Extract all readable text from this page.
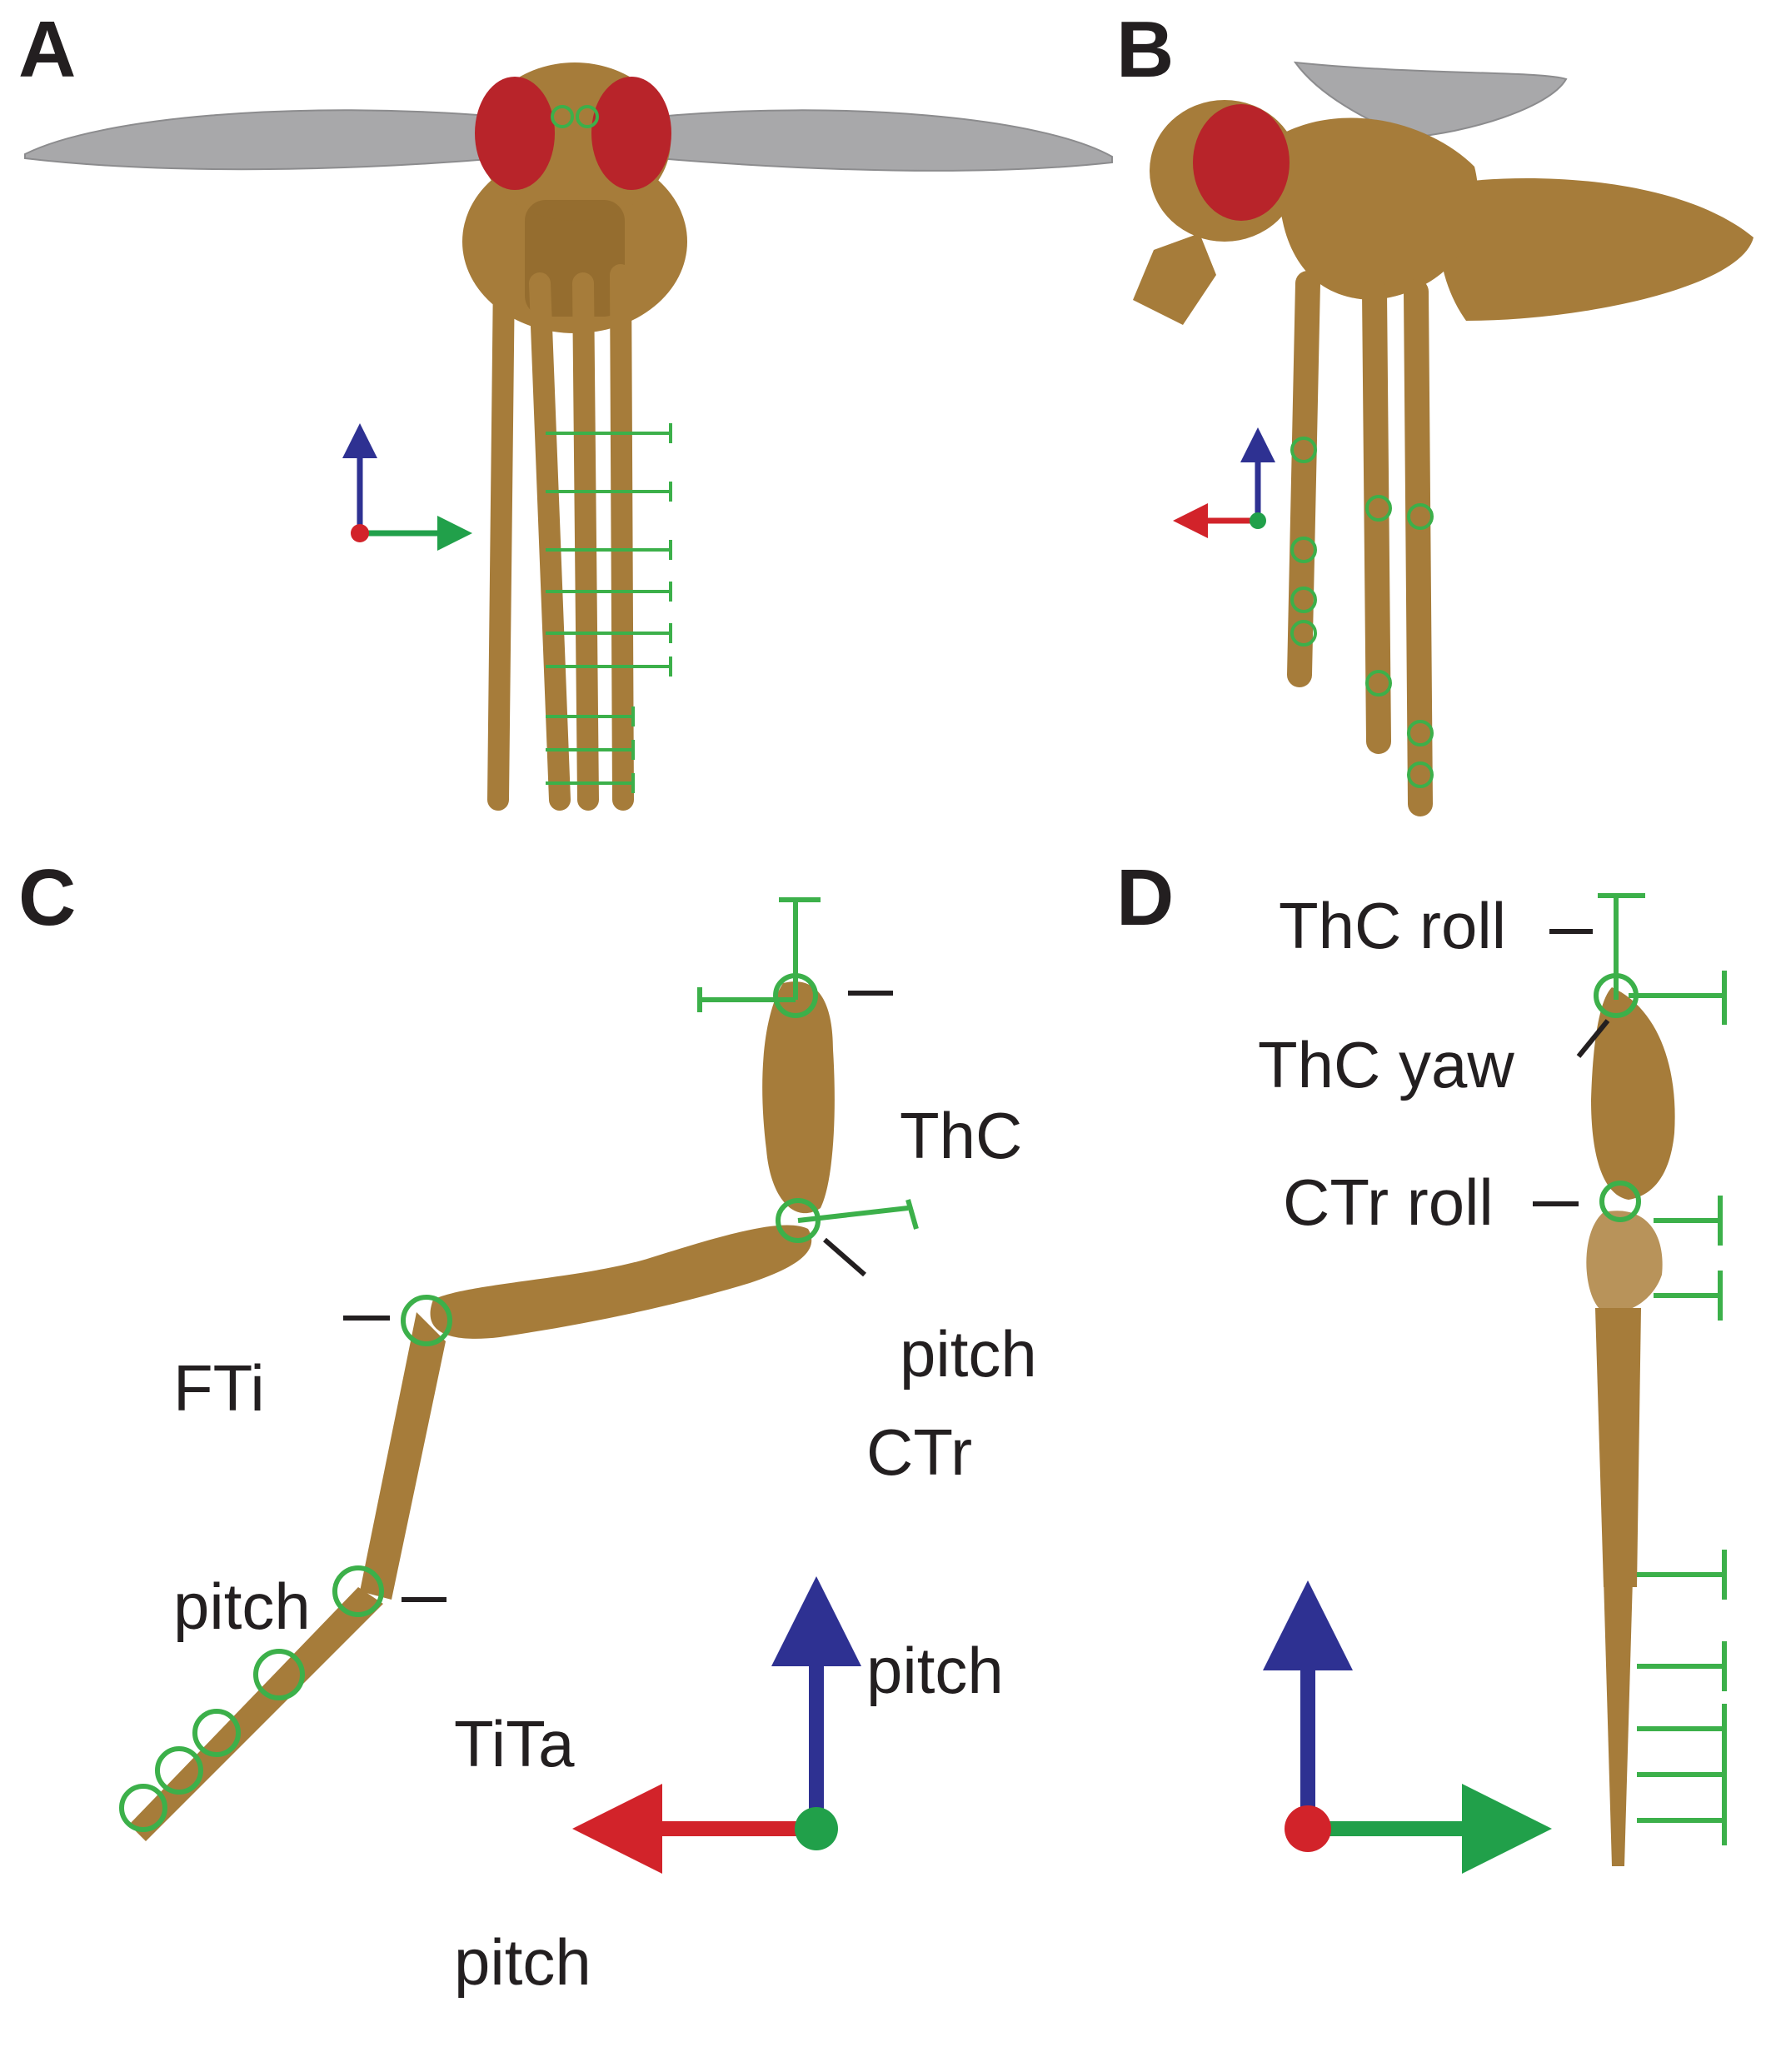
A	B
C	D

ThC

pitch

CTr

pitch

FTi

pitch

TiTa

pitch

ThC roll
ThC yaw
CTr roll
